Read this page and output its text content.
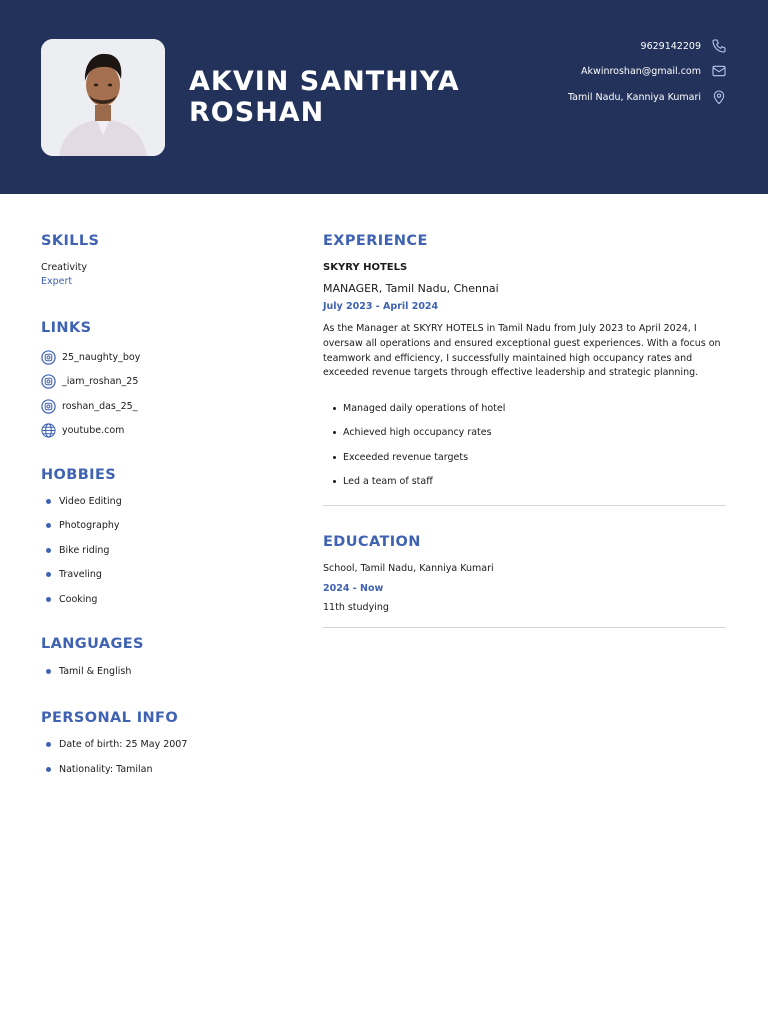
AKVIN SANTHIYA
ROSHAN
9629142209
Akwinroshan@gmail.com
Tamil Nadu, Kanniya Kumari
SKILLS
Creativity
Expert
LINKS
25_naughty_boy
_iam_roshan_25
roshan_das_25_
youtube.com
HOBBIES
Video Editing
Photography
Bike riding
Traveling
Cooking
LANGUAGES
Tamil & English
PERSONAL INFO
Date of birth: 25 May 2007
Nationality: Tamilan
EXPERIENCE
SKYRY HOTELS
MANAGER, Tamil Nadu, Chennai
July 2023 - April 2024
As the Manager at SKYRY HOTELS in Tamil Nadu from July 2023 to April 2024, I oversaw all operations and ensured exceptional guest experiences. With a focus on teamwork and efficiency, I successfully maintained high occupancy rates and exceeded revenue targets through effective leadership and strategic planning.
Managed daily operations of hotel
Achieved high occupancy rates
Exceeded revenue targets
Led a team of staff
EDUCATION
School, Tamil Nadu, Kanniya Kumari
2024 - Now
11th studying
